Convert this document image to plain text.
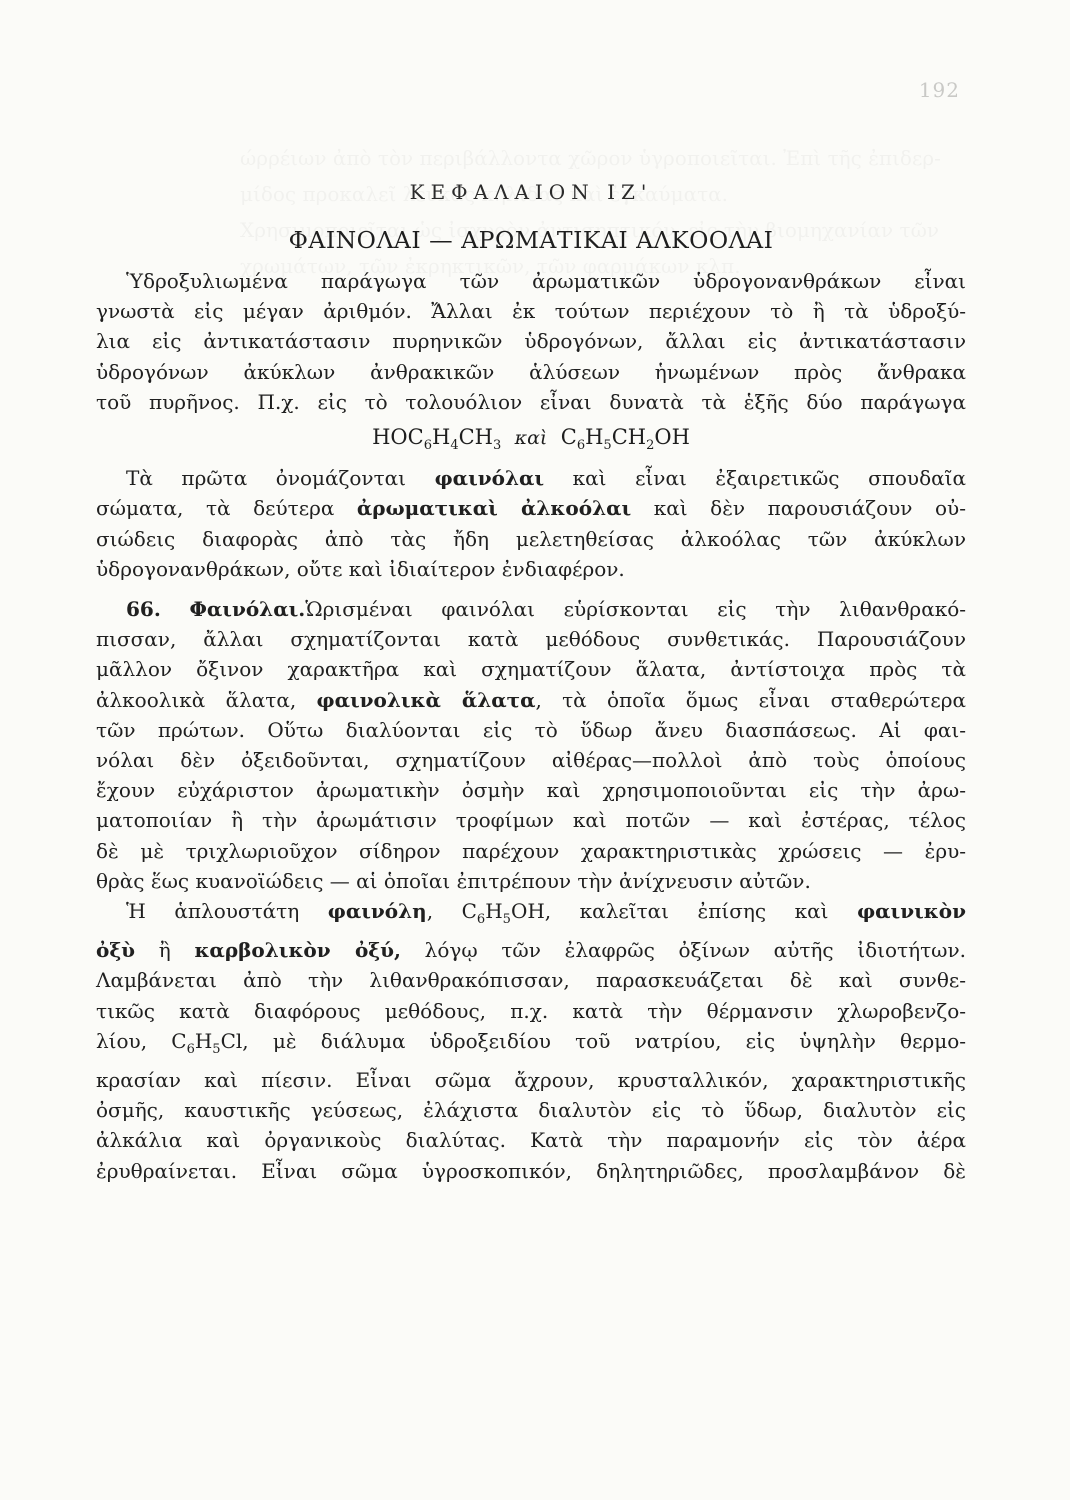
192
ΚΕΦΑΛΑΙΟΝ ΙΖ'
ΦΑΙΝΟΛΑΙ — ΑΡΩΜΑΤΙΚΑΙ ΑΛΚΟΟΛΑΙ
Ὑδροξυλιωμένα παράγωγα τῶν ἀρωματικῶν ὑδρογονανθράκων εἶναι
γνωστὰ εἰς μέγαν ἀριθμόν. Ἄλλαι ἐκ τούτων περιέχουν τὸ ἢ τὰ ὑδροξύ-
λια εἰς ἀντικατάστασιν πυρηνικῶν ὑδρογόνων, ἄλλαι εἰς ἀντικατάστασιν
ὑδρογόνων ἀκύκλων ἀνθρακικῶν ἁλύσεων ἡνωμένων πρὸς ἄνθρακα
τοῦ πυρῆνος. Π.χ. εἰς τὸ τολουόλιον εἶναι δυνατὰ τὰ ἑξῆς δύο παράγωγα
$HOC_6H_4CH_3$ καὶ $C_6H_5CH_2OH$
Τὰ πρῶτα ὀνομάζονται φαινόλαι καὶ εἶναι ἐξαιρετικῶς σπουδαῖα
σώματα, τὰ δεύτερα ἀρωματικαὶ ἀλκοόλαι καὶ δὲν παρουσιάζουν οὐ-
σιώδεις διαφορὰς ἀπὸ τὰς ἤδη μελετηθείσας ἀλκοόλας τῶν ἀκύκλων
ὑδρογονανθράκων, οὔτε καὶ ἰδιαίτερον ἐνδιαφέρον.
66. Φαινόλαι.Ὡρισμέναι φαινόλαι εὑρίσκονται εἰς τὴν λιθανθρακό-
πισσαν, ἄλλαι σχηματίζονται κατὰ μεθόδους συνθετικάς. Παρουσιάζουν
μᾶλλον ὄξινον χαρακτῆρα καὶ σχηματίζουν ἅλατα, ἀντίστοιχα πρὸς τὰ
ἀλκοολικὰ ἅλατα, φαινολικὰ ἅλατα, τὰ ὁποῖα ὅμως εἶναι σταθερώτερα
τῶν πρώτων. Οὕτω διαλύονται εἰς τὸ ὕδωρ ἄνευ διασπάσεως. Αἱ φαι-
νόλαι δὲν ὀξειδοῦνται, σχηματίζουν αἰθέρας—πολλοὶ ἀπὸ τοὺς ὁποίους
ἔχουν εὐχάριστον ἀρωματικὴν ὀσμὴν καὶ χρησιμοποιοῦνται εἰς τὴν ἀρω-
ματοποιίαν ἢ τὴν ἀρωμάτισιν τροφίμων καὶ ποτῶν — καὶ ἐστέρας, τέλος
δὲ μὲ τριχλωριοῦχον σίδηρον παρέχουν χαρακτηριστικὰς χρώσεις — ἐρυ-
θρὰς ἕως κυανοϊώδεις — αἱ ὁποῖαι ἐπιτρέπουν τὴν ἀνίχνευσιν αὐτῶν.
Ἡ ἁπλουστάτη φαινόλη, $C_6H_5OH$, καλεῖται ἐπίσης καὶ φαινικὸν
ὀξὺ ἢ καρβολικὸν ὀξύ, λόγῳ τῶν ἐλαφρῶς ὀξίνων αὐτῆς ἰδιοτήτων.
Λαμβάνεται ἀπὸ τὴν λιθανθρακόπισσαν, παρασκευάζεται δὲ καὶ συνθε-
τικῶς κατὰ διαφόρους μεθόδους, π.χ. κατὰ τὴν θέρμανσιν χλωροβενζο-
λίου, $C_6H_5Cl$, μὲ διάλυμα ὑδροξειδίου τοῦ νατρίου, εἰς ὑψηλὴν θερμο-
κρασίαν καὶ πίεσιν. Εἶναι σῶμα ἄχρουν, κρυσταλλικόν, χαρακτηριστικῆς
ὀσμῆς, καυστικῆς γεύσεως, ἐλάχιστα διαλυτὸν εἰς τὸ ὕδωρ, διαλυτὸν εἰς
ἀλκάλια καὶ ὀργανικοὺς διαλύτας. Κατὰ τὴν παραμονήν εἰς τὸν ἀέρα
ἐρυθραίνεται. Εἶναι σῶμα ὑγροσκοπικόν, δηλητηριῶδες, προσλαμβάνον δὲ
